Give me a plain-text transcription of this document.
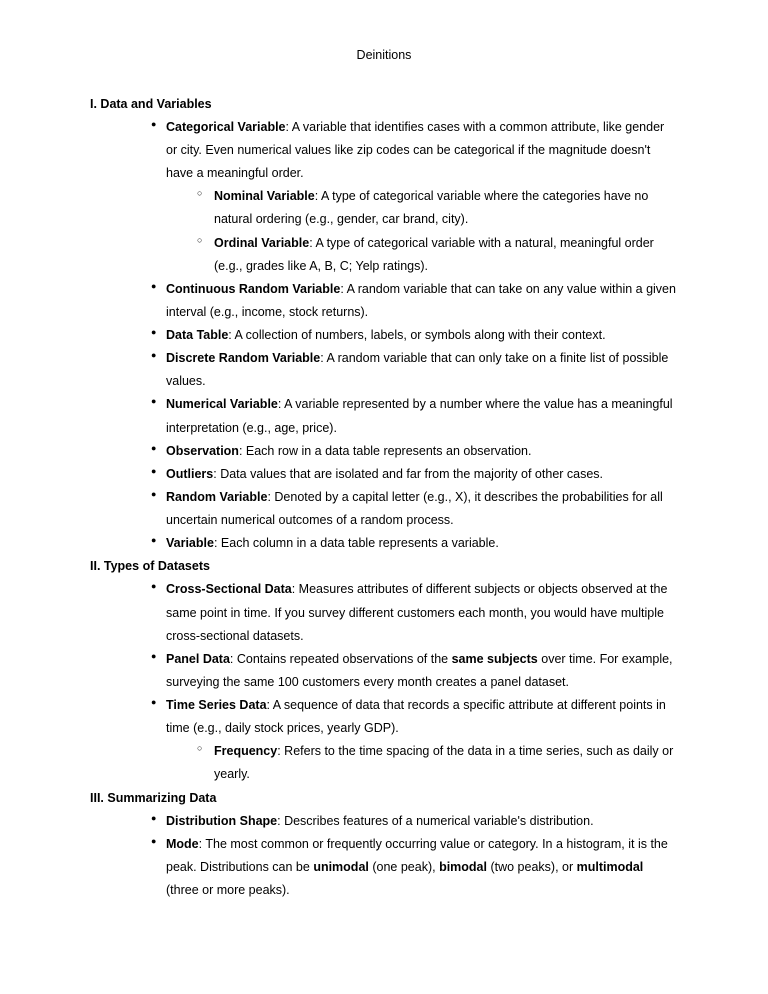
Deinitions
I. Data and Variables
●
Categorical Variable: A variable that identifies cases with a common attribute, like gender or city. Even numerical values like zip codes can be categorical if the magnitude doesn't have a meaningful order.
○
Nominal Variable: A type of categorical variable where the categories have no natural ordering (e.g., gender, car brand, city).
○
Ordinal Variable: A type of categorical variable with a natural, meaningful order (e.g., grades like A, B, C; Yelp ratings).
●
Continuous Random Variable: A random variable that can take on any value within a given interval (e.g., income, stock returns).
●
Data Table: A collection of numbers, labels, or symbols along with their context.
●
Discrete Random Variable: A random variable that can only take on a finite list of possible values.
●
Numerical Variable: A variable represented by a number where the value has a meaningful interpretation (e.g., age, price).
●
Observation: Each row in a data table represents an observation.
●
Outliers: Data values that are isolated and far from the majority of other cases.
●
Random Variable: Denoted by a capital letter (e.g., X), it describes the probabilities for all uncertain numerical outcomes of a random process.
●
Variable: Each column in a data table represents a variable.
II. Types of Datasets
●
Cross-Sectional Data: Measures attributes of different subjects or objects observed at the same point in time. If you survey different customers each month, you would have multiple cross-sectional datasets.
●
Panel Data: Contains repeated observations of the same subjects over time. For example, surveying the same 100 customers every month creates a panel dataset.
●
Time Series Data: A sequence of data that records a specific attribute at different points in time (e.g., daily stock prices, yearly GDP).
○
Frequency: Refers to the time spacing of the data in a time series, such as daily or yearly.
III. Summarizing Data
●
Distribution Shape: Describes features of a numerical variable's distribution.
●
Mode: The most common or frequently occurring value or category. In a histogram, it is the peak. Distributions can be unimodal (one peak), bimodal (two peaks), or multimodal (three or more peaks).
